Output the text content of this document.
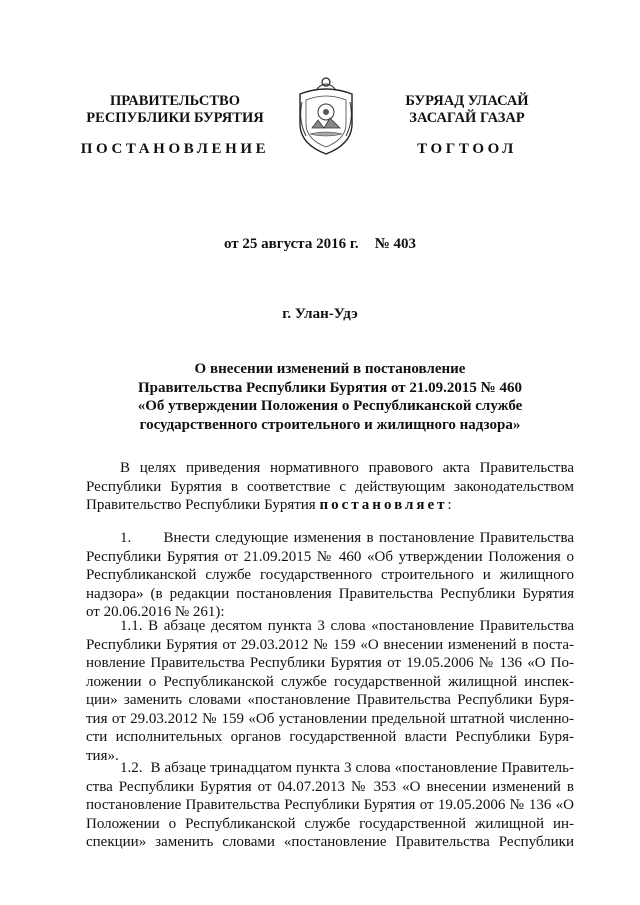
ПРАВИТЕЛЬСТВО
РЕСПУБЛИКИ БУРЯТИЯ
ПОСТАНОВЛЕНИЕ
БУРЯАД УЛАСАЙ
ЗАСАГАЙ ГАЗАР
ТОГТООЛ
от 25 августа 2016 г. № 403
г. Улан-Удэ
О внесении изменений в постановление
Правительства Республики Бурятия от 21.09.2015 № 460
«Об утверждении Положения о Республиканской службе
государственного строительного и жилищного надзора»
В целях приведения нормативного правового акта Правительства
Республики Бурятия в соответствие с действующим законодательством
Правительство Республики Бурятия постановляет:
1.      Внести следующие изменения в постановление Правительства
Республики Бурятия от 21.09.2015 № 460 «Об утверждении Положения о
Республиканской службе государственного строительного и жилищного
надзора» (в редакции постановления Правительства Республики Бурятия
от 20.06.2016 № 261):
1.1. В абзаце десятом пункта 3 слова «постановление Правительства
Республики Бурятия от 29.03.2012 № 159 «О внесении изменений в поста-
новление Правительства Республики Бурятия от 19.05.2006 № 136 «О По-
ложении о Республиканской службе государственной жилищной инспек-
ции» заменить словами «постановление Правительства Республики Буря-
тия от 29.03.2012 № 159 «Об установлении предельной штатной численно-
сти исполнительных органов государственной власти Республики Буря-
тия».
1.2.  В абзаце тринадцатом пункта 3 слова «постановление Правитель-
ства Республики Бурятия от 04.07.2013 № 353 «О внесении изменений в
постановление Правительства Республики Бурятия от 19.05.2006 № 136 «О
Положении о Республиканской службе государственной жилищной ин-
спекции» заменить словами «постановление Правительства Республики
